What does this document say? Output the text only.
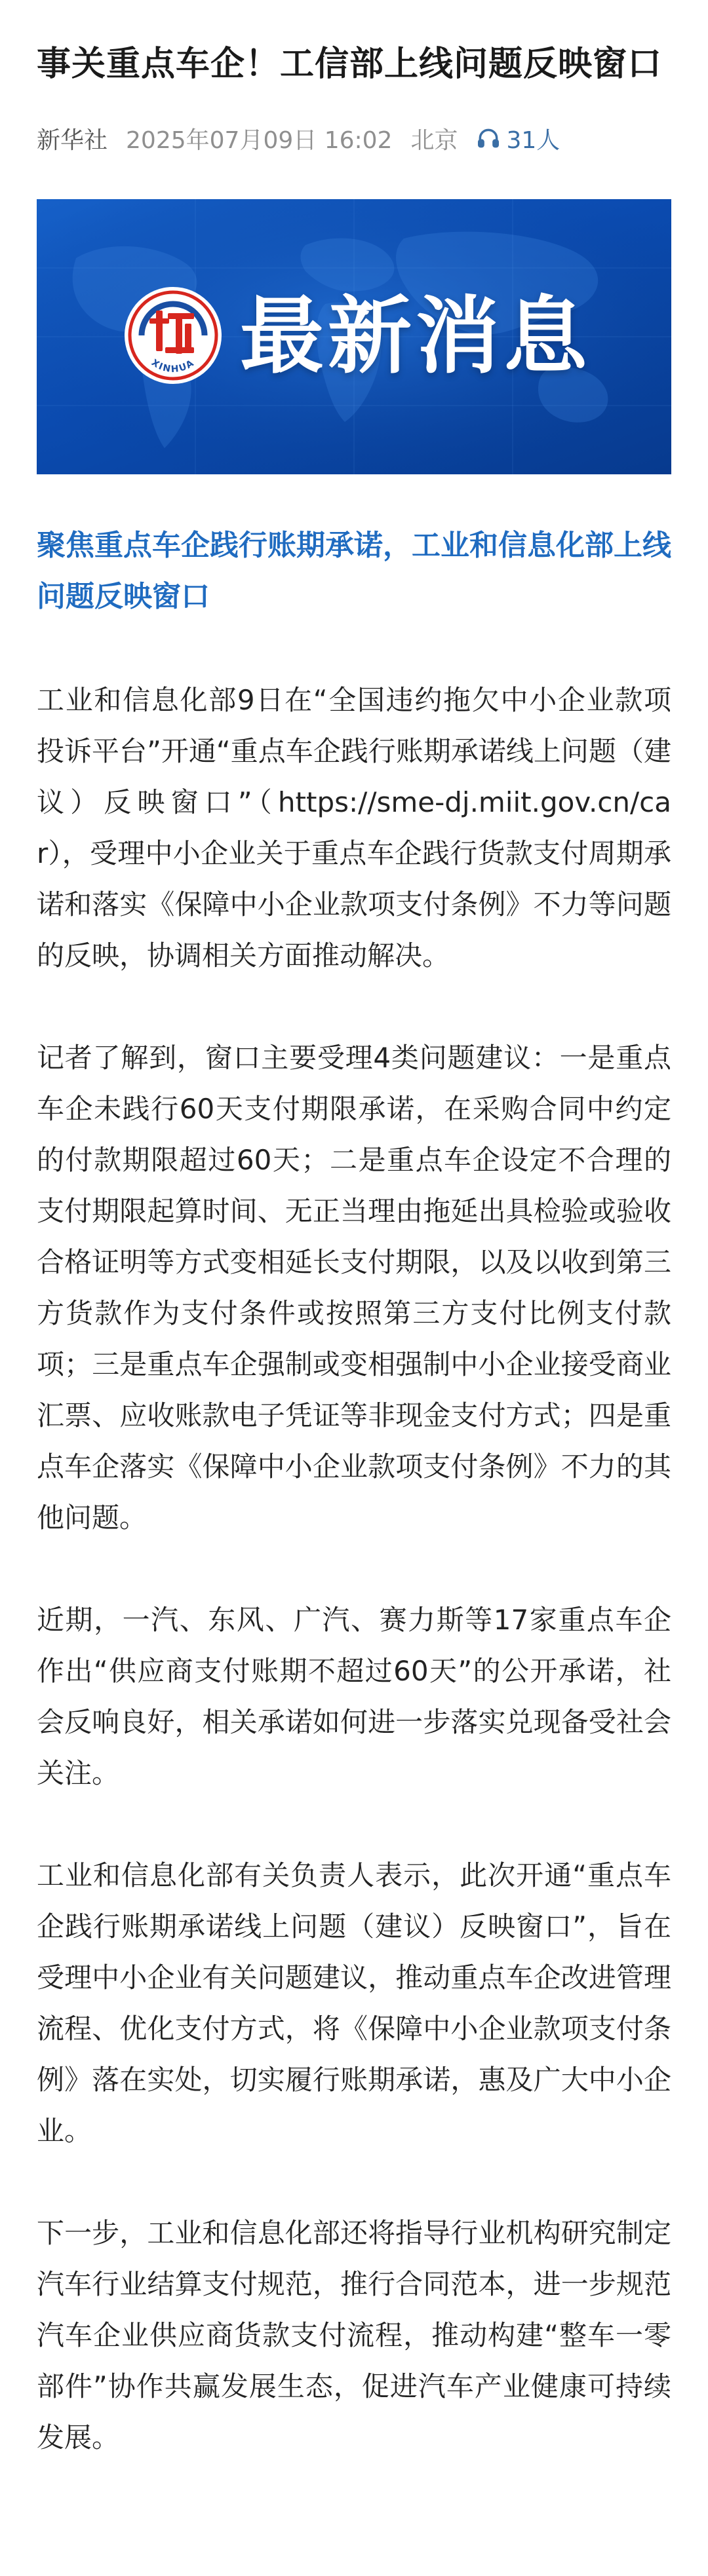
事关重点车企！工信部上线问题反映窗口
新华社 2025年07月09日 16:02 北京 31人
XINHUA 最新消息
聚焦重点车企践行账期承诺，工业和信息化部上线问题反映窗口

工业和信息化部9日在“全国违约拖欠中小企业款项投诉平台”开通“重点车企践行账期承诺线上问题（建议）反映窗口”（https://sme-dj.miit.gov.cn/car），受理中小企业关于重点车企践行货款支付周期承诺和落实《保障中小企业款项支付条例》不力等问题的反映，协调相关方面推动解决。

记者了解到，窗口主要受理4类问题建议：一是重点车企未践行60天支付期限承诺，在采购合同中约定的付款期限超过60天；二是重点车企设定不合理的支付期限起算时间、无正当理由拖延出具检验或验收合格证明等方式变相延长支付期限，以及以收到第三方货款作为支付条件或按照第三方支付比例支付款项；三是重点车企强制或变相强制中小企业接受商业汇票、应收账款电子凭证等非现金支付方式；四是重点车企落实《保障中小企业款项支付条例》不力的其他问题。

近期，一汽、东风、广汽、赛力斯等17家重点车企作出“供应商支付账期不超过60天”的公开承诺，社会反响良好，相关承诺如何进一步落实兑现备受社会关注。

工业和信息化部有关负责人表示，此次开通“重点车企践行账期承诺线上问题（建议）反映窗口”，旨在受理中小企业有关问题建议，推动重点车企改进管理流程、优化支付方式，将《保障中小企业款项支付条例》落在实处，切实履行账期承诺，惠及广大中小企业。

下一步，工业和信息化部还将指导行业机构研究制定汽车行业结算支付规范，推行合同范本，进一步规范汽车企业供应商货款支付流程，推动构建“整车一零部件”协作共赢发展生态，促进汽车产业健康可持续发展。
